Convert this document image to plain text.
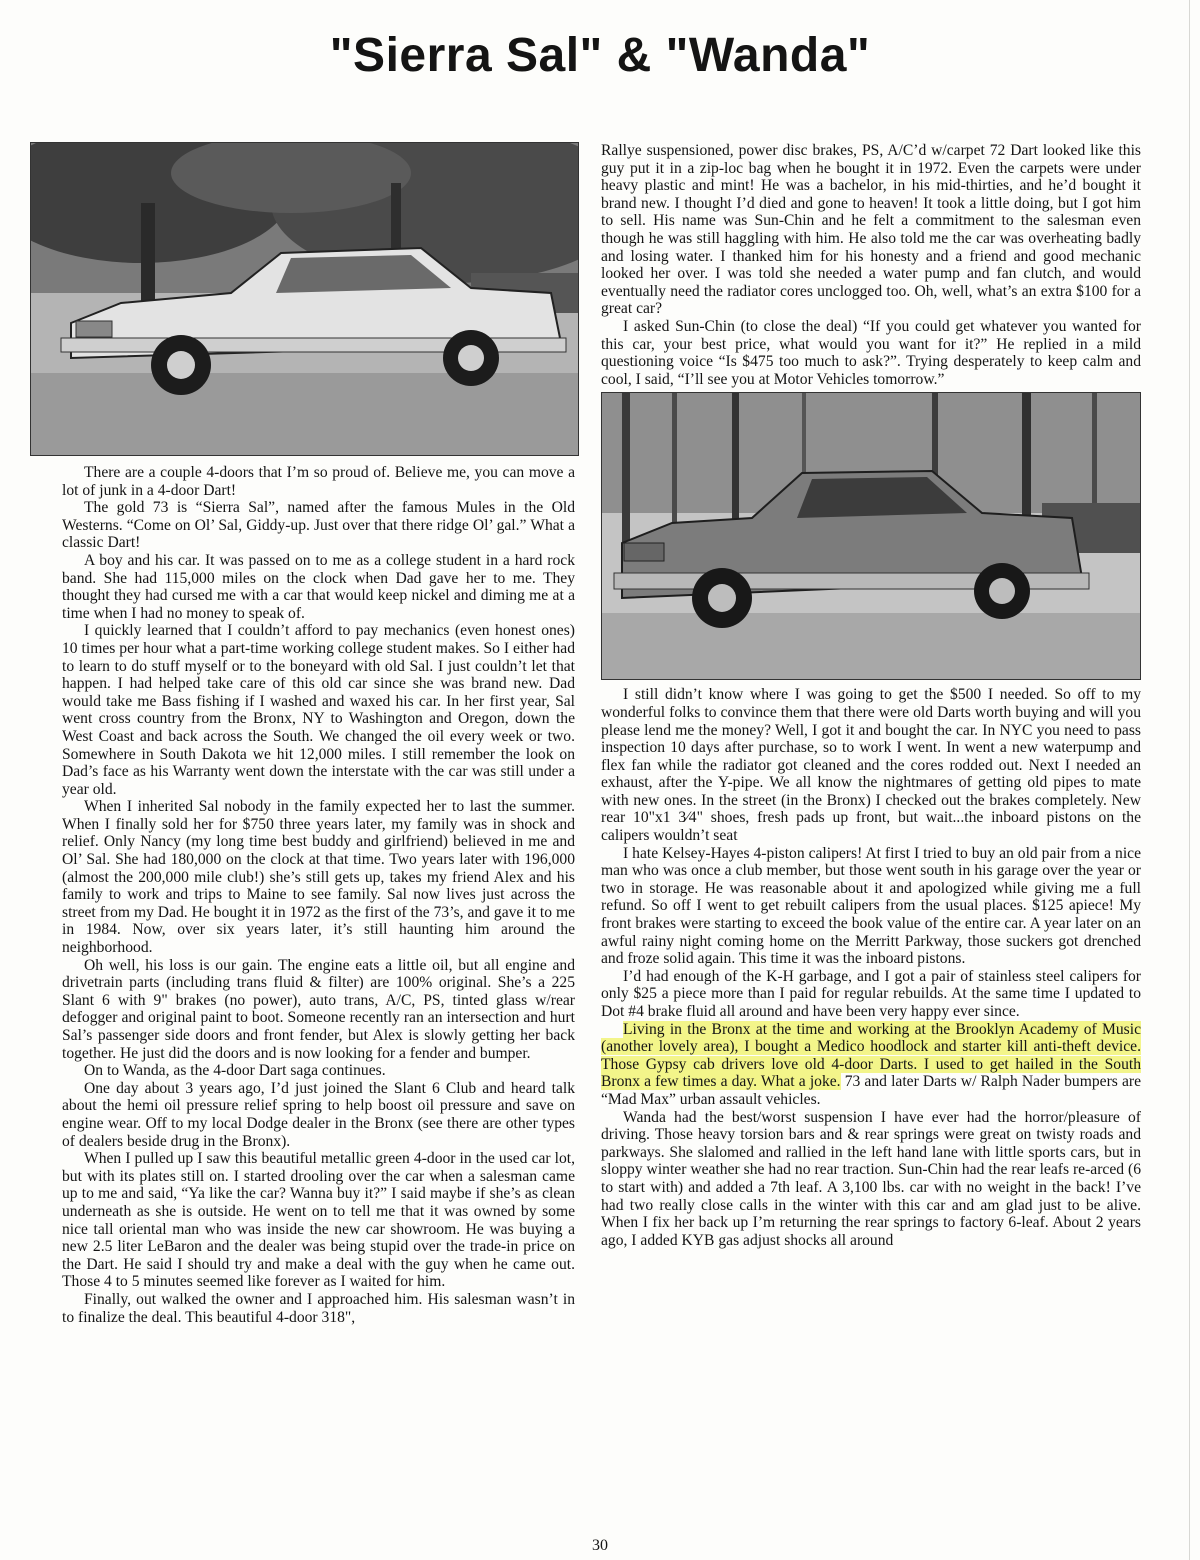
"Sierra Sal" & "Wanda"

There are a couple 4-doors that I’m so proud of. Believe me, you can move a lot of junk in a 4-door Dart!

The gold 73 is “Sierra Sal”, named after the famous Mules in the Old Westerns. “Come on Ol’ Sal, Giddy-up. Just over that there ridge Ol’ gal.” What a classic Dart!

A boy and his car. It was passed on to me as a college student in a hard rock band. She had 115,000 miles on the clock when Dad gave her to me. They thought they had cursed me with a car that would keep nickel and diming me at a time when I had no money to speak of.

I quickly learned that I couldn’t afford to pay mechanics (even honest ones) 10 times per hour what a part-time working college student makes. So I either had to learn to do stuff myself or to the boneyard with old Sal. I just couldn’t let that happen. I had helped take care of this old car since she was brand new. Dad would take me Bass fishing if I washed and waxed his car. In her first year, Sal went cross country from the Bronx, NY to Washington and Oregon, down the West Coast and back across the South. We changed the oil every week or two. Somewhere in South Dakota we hit 12,000 miles. I still remember the look on Dad’s face as his Warranty went down the interstate with the car was still under a year old.

When I inherited Sal nobody in the family expected her to last the summer. When I finally sold her for $750 three years later, my family was in shock and relief. Only Nancy (my long time best buddy and girlfriend) believed in me and Ol’ Sal. She had 180,000 on the clock at that time. Two years later with 196,000 (almost the 200,000 mile club!) she’s still gets up, takes my friend Alex and his family to work and trips to Maine to see family. Sal now lives just across the street from my Dad. He bought it in 1972 as the first of the 73’s, and gave it to me in 1984. Now, over six years later, it’s still haunting him around the neighborhood.

Oh well, his loss is our gain. The engine eats a little oil, but all engine and drivetrain parts (including trans fluid & filter) are 100% original. She’s a 225 Slant 6 with 9" brakes (no power), auto trans, A/C, PS, tinted glass w/rear defogger and original paint to boot. Someone recently ran an intersection and hurt Sal’s passenger side doors and front fender, but Alex is slowly getting her back together. He just did the doors and is now looking for a fender and bumper.

On to Wanda, as the 4-door Dart saga continues.

One day about 3 years ago, I’d just joined the Slant 6 Club and heard talk about the hemi oil pressure relief spring to help boost oil pressure and save on engine wear. Off to my local Dodge dealer in the Bronx (see there are other types of dealers beside drug in the Bronx).

When I pulled up I saw this beautiful metallic green 4-door in the used car lot, but with its plates still on. I started drooling over the car when a salesman came up to me and said, “Ya like the car? Wanna buy it?” I said maybe if she’s as clean underneath as she is outside. He went on to tell me that it was owned by some nice tall oriental man who was inside the new car showroom. He was buying a new 2.5 liter LeBaron and the dealer was being stupid over the trade-in price on the Dart. He said I should try and make a deal with the guy when he came out. Those 4 to 5 minutes seemed like forever as I waited for him.

Finally, out walked the owner and I approached him. His salesman wasn’t in to finalize the deal. This beautiful 4-door 318",

Rallye suspensioned, power disc brakes, PS, A/C’d w/carpet 72 Dart looked like this guy put it in a zip-loc bag when he bought it in 1972. Even the carpets were under heavy plastic and mint! He was a bachelor, in his mid-thirties, and he’d bought it brand new. I thought I’d died and gone to heaven! It took a little doing, but I got him to sell. His name was Sun-Chin and he felt a commitment to the salesman even though he was still haggling with him. He also told me the car was overheating badly and losing water. I thanked him for his honesty and a friend and good mechanic looked her over. I was told she needed a water pump and fan clutch, and would eventually need the radiator cores unclogged too. Oh, well, what’s an extra $100 for a great car?

I asked Sun-Chin (to close the deal) “If you could get whatever you wanted for this car, your best price, what would you want for it?” He replied in a mild questioning voice “Is $475 too much to ask?”. Trying desperately to keep calm and cool, I said, “I’ll see you at Motor Vehicles tomorrow.”

I still didn’t know where I was going to get the $500 I needed. So off to my wonderful folks to convince them that there were old Darts worth buying and will you please lend me the money? Well, I got it and bought the car. In NYC you need to pass inspection 10 days after purchase, so to work I went. In went a new waterpump and flex fan while the radiator got cleaned and the cores rodded out. Next I needed an exhaust, after the Y-pipe. We all know the nightmares of getting old pipes to mate with new ones. In the street (in the Bronx) I checked out the brakes completely. New rear 10"x1 3⁄4" shoes, fresh pads up front, but wait...the inboard pistons on the calipers wouldn’t seat

I hate Kelsey-Hayes 4-piston calipers! At first I tried to buy an old pair from a nice man who was once a club member, but those went south in his garage over the year or two in storage. He was reasonable about it and apologized while giving me a full refund. So off I went to get rebuilt calipers from the usual places. $125 apiece! My front brakes were starting to exceed the book value of the entire car. A year later on an awful rainy night coming home on the Merritt Parkway, those suckers got drenched and froze solid again. This time it was the inboard pistons.

I’d had enough of the K-H garbage, and I got a pair of stainless steel calipers for only $25 a piece more than I paid for regular rebuilds. At the same time I updated to Dot #4 brake fluid all around and have been very happy ever since.

Living in the Bronx at the time and working at the Brooklyn Academy of Music (another lovely area), I bought a Medico hoodlock and starter kill anti-theft device. Those Gypsy cab drivers love old 4-door Darts. I used to get hailed in the South Bronx a few times a day. What a joke. 73 and later Darts w/ Ralph Nader bumpers are “Mad Max” urban assault vehicles.

Wanda had the best/worst suspension I have ever had the horror/pleasure of driving. Those heavy torsion bars and & rear springs were great on twisty roads and parkways. She slalomed and rallied in the left hand lane with little sports cars, but in sloppy winter weather she had no rear traction. Sun-Chin had the rear leafs re-arced (6 to start with) and added a 7th leaf. A 3,100 lbs. car with no weight in the back! I’ve had two really close calls in the winter with this car and am glad just to be alive. When I fix her back up I’m returning the rear springs to factory 6-leaf. About 2 years ago, I added KYB gas adjust shocks all around

30
